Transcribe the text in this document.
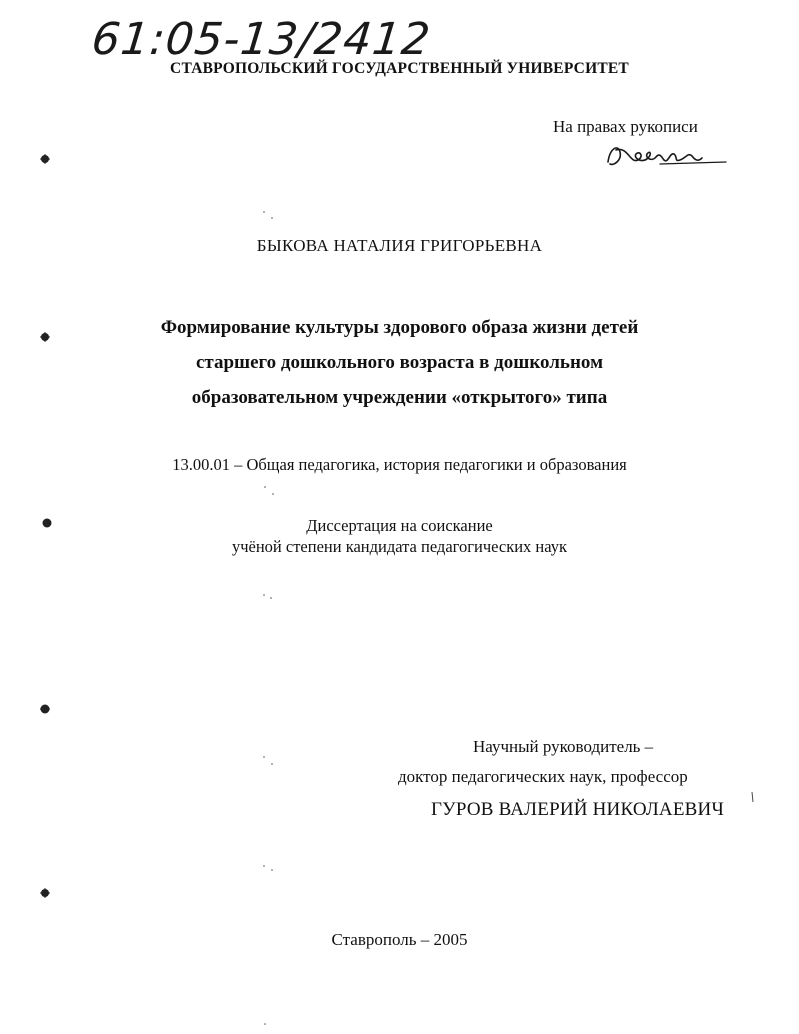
61:05-13/2412
СТАВРОПОЛЬСКИЙ ГОСУДАРСТВЕННЫЙ УНИВЕРСИТЕТ
На правах рукописи
БЫКОВА НАТАЛИЯ ГРИГОРЬЕВНА
Формирование культуры здорового образа жизни детей
старшего дошкольного возраста в дошкольном
образовательном учреждении «открытого» типа
13.00.01 – Общая педагогика, история педагогики и образования
Диссертация на соискание
учёной степени кандидата педагогических наук
Научный руководитель –
доктор педагогических наук, профессор
ГУРОВ ВАЛЕРИЙ НИКОЛАЕВИЧ
Ставрополь – 2005
